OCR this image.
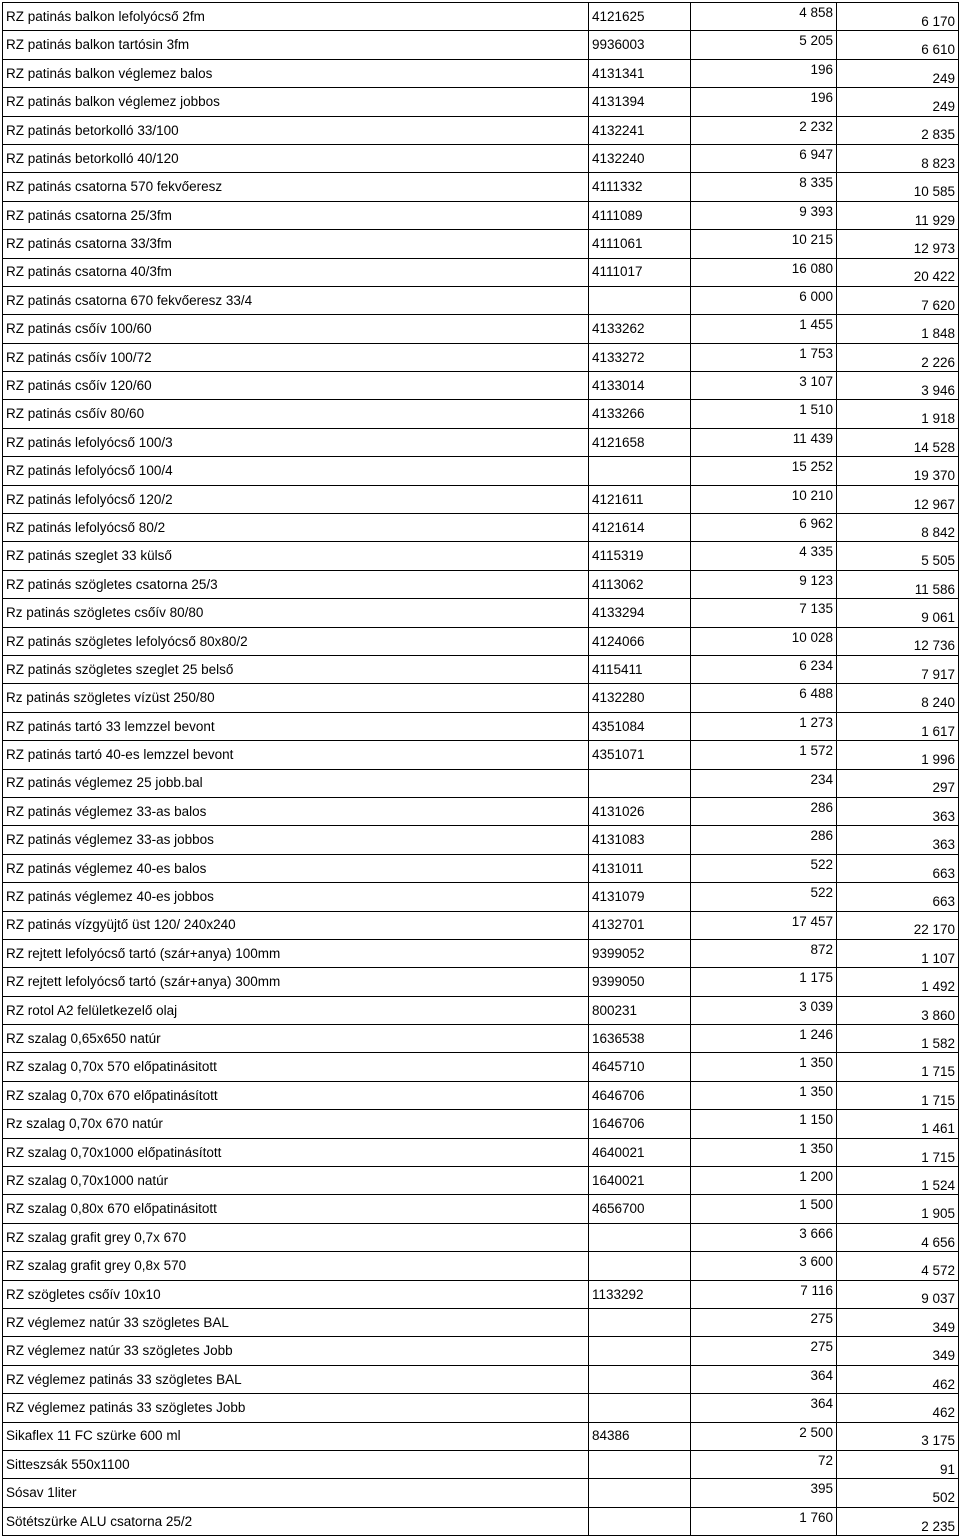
RZ patinás balkon lefolyócső 2fm	4121625	4 858	6 170
RZ patinás balkon tartósin 3fm	9936003	5 205	6 610
RZ patinás balkon véglemez balos	4131341	196	249
RZ patinás balkon véglemez jobbos	4131394	196	249
RZ patinás betorkolló 33/100	4132241	2 232	2 835
RZ patinás betorkolló 40/120	4132240	6 947	8 823
RZ patinás csatorna 570 fekvőeresz	4111332	8 335	10 585
RZ patinás csatorna 25/3fm	4111089	9 393	11 929
RZ patinás csatorna 33/3fm	4111061	10 215	12 973
RZ patinás csatorna 40/3fm	4111017	16 080	20 422
RZ patinás csatorna 670 fekvőeresz 33/4		6 000	7 620
RZ patinás csőív 100/60	4133262	1 455	1 848
RZ patinás csőív 100/72	4133272	1 753	2 226
RZ patinás csőív 120/60	4133014	3 107	3 946
RZ patinás csőív 80/60	4133266	1 510	1 918
RZ patinás lefolyócső 100/3	4121658	11 439	14 528
RZ patinás lefolyócső 100/4		15 252	19 370
RZ patinás lefolyócső 120/2	4121611	10 210	12 967
RZ patinás lefolyócső 80/2	4121614	6 962	8 842
RZ patinás szeglet 33 külső	4115319	4 335	5 505
RZ patinás szögletes csatorna 25/3	4113062	9 123	11 586
Rz patinás szögletes csőív 80/80	4133294	7 135	9 061
RZ patinás szögletes lefolyócső 80x80/2	4124066	10 028	12 736
RZ patinás szögletes szeglet 25 belső	4115411	6 234	7 917
Rz patinás szögletes vízüst 250/80	4132280	6 488	8 240
RZ patinás tartó 33 lemzzel bevont	4351084	1 273	1 617
RZ patinás tartó 40-es lemzzel bevont	4351071	1 572	1 996
RZ patinás véglemez 25 jobb.bal		234	297
RZ patinás véglemez 33-as balos	4131026	286	363
RZ patinás véglemez 33-as jobbos	4131083	286	363
RZ patinás véglemez 40-es balos	4131011	522	663
RZ patinás véglemez 40-es jobbos	4131079	522	663
RZ patinás vízgyüjtő üst 120/ 240x240	4132701	17 457	22 170
RZ rejtett lefolyócső tartó (szár+anya) 100mm	9399052	872	1 107
RZ rejtett lefolyócső tartó (szár+anya) 300mm	9399050	1 175	1 492
RZ rotol A2 felületkezelő olaj	800231	3 039	3 860
RZ szalag 0,65x650 natúr	1636538	1 246	1 582
RZ szalag 0,70x 570 előpatinásitott	4645710	1 350	1 715
RZ szalag 0,70x 670 előpatinásított	4646706	1 350	1 715
Rz szalag 0,70x 670 natúr	1646706	1 150	1 461
RZ szalag 0,70x1000 előpatinásított	4640021	1 350	1 715
RZ szalag 0,70x1000 natúr	1640021	1 200	1 524
RZ szalag 0,80x 670 előpatinásitott	4656700	1 500	1 905
RZ szalag grafit grey 0,7x 670		3 666	4 656
RZ szalag grafit grey 0,8x 570		3 600	4 572
RZ szögletes csőív 10x10	1133292	7 116	9 037
RZ véglemez natúr 33 szögletes BAL		275	349
RZ véglemez natúr 33 szögletes Jobb		275	349
RZ véglemez patinás 33 szögletes BAL		364	462
RZ véglemez patinás 33 szögletes Jobb		364	462
Sikaflex 11 FC szürke 600 ml	84386	2 500	3 175
Sitteszsák 550x1100		72	91
Sósav 1liter		395	502
Sötétszürke ALU csatorna 25/2		1 760	2 235
